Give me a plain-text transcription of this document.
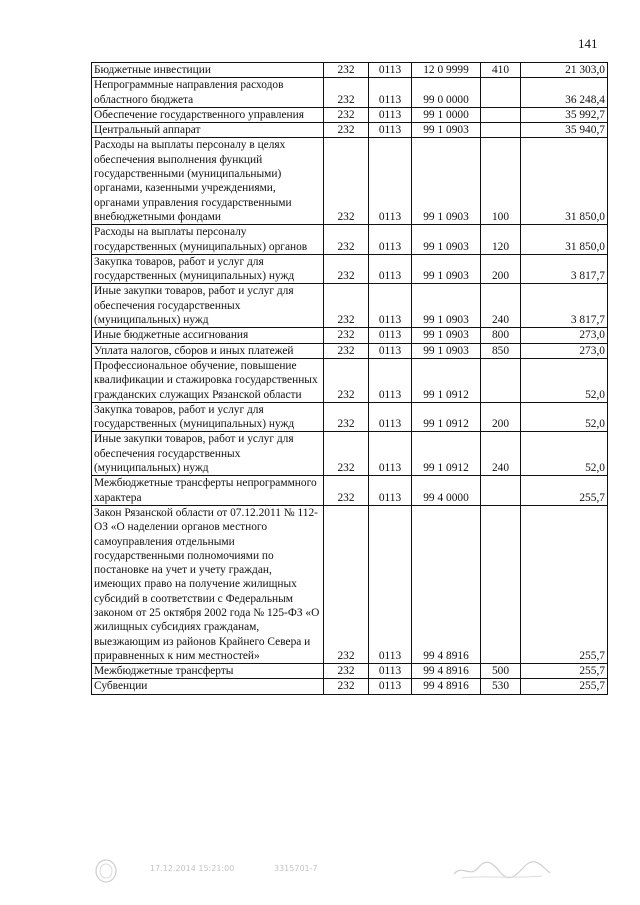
141
Бюджетные инвестиции	232	0113	12 0 9999	410	21 303,0
Непрограммные направления расходов областного бюджета	232	0113	99 0 0000		36 248,4
Обеспечение государственного управления	232	0113	99 1 0000		35 992,7
Центральный аппарат	232	0113	99 1 0903		35 940,7
Расходы на выплаты персоналу в целях обеспечения выполнения функций государственными (муниципальными) органами, казенными учреждениями, органами управления государственными внебюджетными фондами	232	0113	99 1 0903	100	31 850,0
Расходы на выплаты персоналу государственных (муниципальных) органов	232	0113	99 1 0903	120	31 850,0
Закупка товаров, работ и услуг для государственных (муниципальных) нужд	232	0113	99 1 0903	200	3 817,7
Иные закупки товаров, работ и услуг для обеспечения государственных (муниципальных) нужд	232	0113	99 1 0903	240	3 817,7
Иные бюджетные ассигнования	232	0113	99 1 0903	800	273,0
Уплата налогов, сборов и иных платежей	232	0113	99 1 0903	850	273,0
Профессиональное обучение, повышение квалификации и стажировка государственных гражданских служащих Рязанской области	232	0113	99 1 0912		52,0
Закупка товаров, работ и услуг для государственных (муниципальных) нужд	232	0113	99 1 0912	200	52,0
Иные закупки товаров, работ и услуг для обеспечения государственных (муниципальных) нужд	232	0113	99 1 0912	240	52,0
Межбюджетные трансферты непрограммного характера	232	0113	99 4 0000		255,7
Закон Рязанской области от 07.12.2011 № 112-ОЗ «О наделении органов местного самоуправления отдельными государственными полномочиями по постановке на учет и учету граждан, имеющих право на получение жилищных субсидий в соответствии с Федеральным законом от 25 октября 2002 года № 125-ФЗ «О жилищных субсидиях гражданам, выезжающим из районов Крайнего Севера и приравненных к ним местностей»	232	0113	99 4 8916		255,7
Межбюджетные трансферты	232	0113	99 4 8916	500	255,7
Субвенции	232	0113	99 4 8916	530	255,7
17.12.2014 15:21:00	3315701-7
